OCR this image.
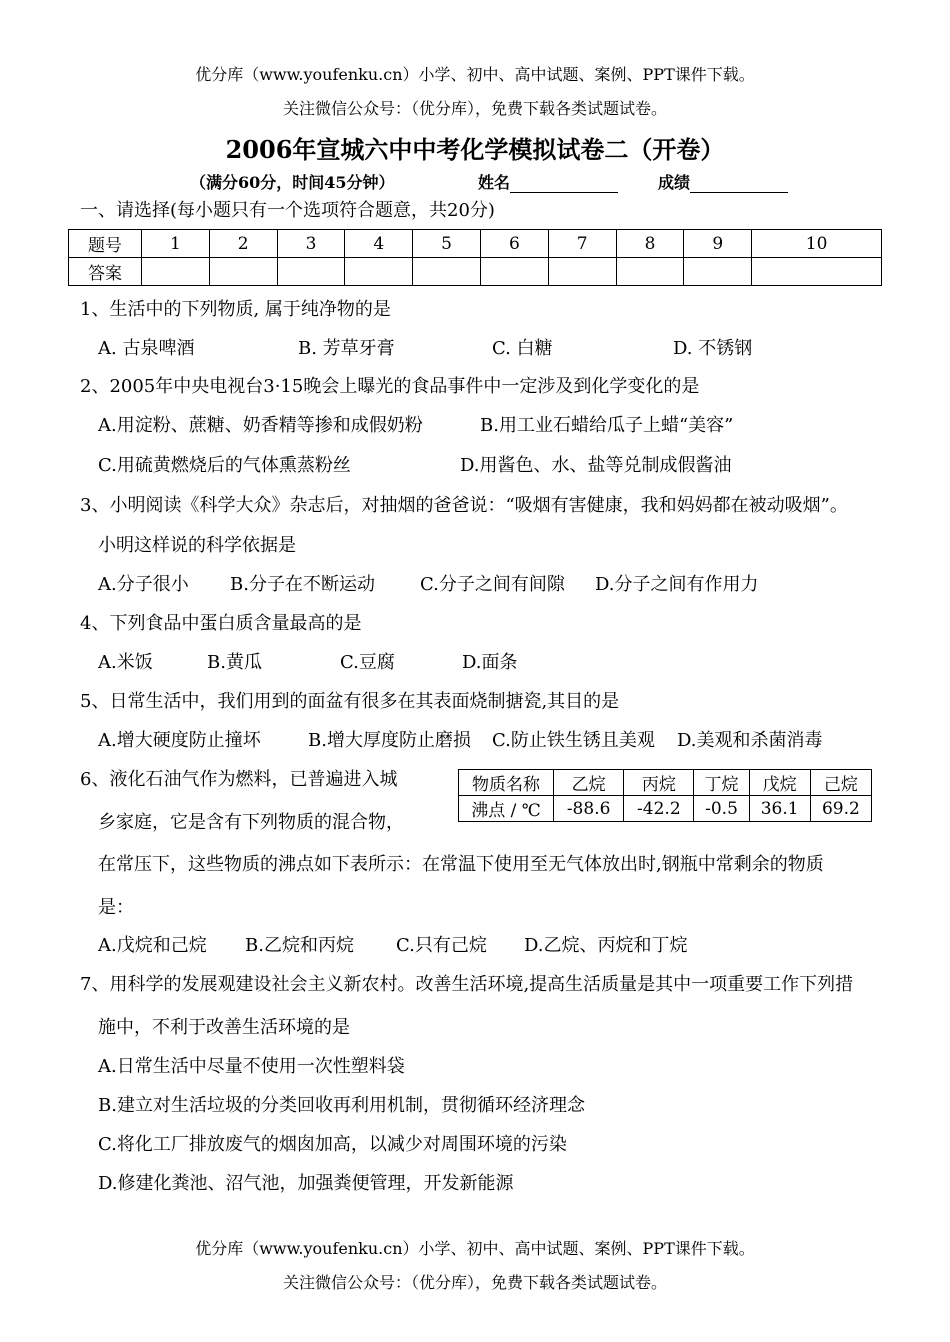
优分库（www.youfenku.cn）小学、初中、高中试题、案例、PPT课件下载。
关注微信公众号：（优分库），免费下载各类试题试卷。
2006年宣城六中中考化学模拟试卷二（开卷）
（满分60分，时间45分钟）	姓名	成绩
一、请选择(每小题只有一个选项符合题意，共20分)
题号	1	2	3	4	5	6	7	8	9	10
答案										
1、生活中的下列物质, 属于纯净物的是
A. 古泉啤酒	B. 芳草牙膏	C. 白糖	D. 不锈钢
2、2005年中央电视台3·15晚会上曝光的食品事件中一定涉及到化学变化的是
A.用淀粉、蔗糖、奶香精等掺和成假奶粉	B.用工业石蜡给瓜子上蜡“美容”
C.用硫黄燃烧后的气体熏蒸粉丝	D.用酱色、水、盐等兑制成假酱油
3、小明阅读《科学大众》杂志后，对抽烟的爸爸说：“吸烟有害健康，我和妈妈都在被动吸烟”。
小明这样说的科学依据是
A.分子很小 B.分子在不断运动	C.分子之间有间隙 D.分子之间有作用力
4、下列食品中蛋白质含量最高的是
A.米饭	B.黄瓜	C.豆腐	D.面条
5、日常生活中，我们用到的面盆有很多在其表面烧制搪瓷,其目的是
A.增大硬度防止撞坏	B.增大厚度防止磨损 C.防止铁生锈且美观 D.美观和杀菌消毒
6、液化石油气作为燃料，已普遍进入城
乡家庭，它是含有下列物质的混合物，
物质名称	乙烷	丙烷	丁烷	戊烷	己烷
沸点 / ℃	-88.6	-42.2	-0.5	36.1	69.2
在常压下，这些物质的沸点如下表所示：在常温下使用至无气体放出时,钢瓶中常剩余的物质
是：
A.戊烷和己烷 B.乙烷和丙烷 C.只有己烷 D.乙烷、丙烷和丁烷
7、用科学的发展观建设社会主义新农村。改善生活环境,提高生活质量是其中一项重要工作下列措
施中，不利于改善生活环境的是
A.日常生活中尽量不使用一次性塑料袋
B.建立对生活垃圾的分类回收再利用机制，贯彻循环经济理念
C.将化工厂排放废气的烟囱加高，以减少对周围环境的污染
D.修建化粪池、沼气池，加强粪便管理，开发新能源
优分库（www.youfenku.cn）小学、初中、高中试题、案例、PPT课件下载。
关注微信公众号：（优分库），免费下载各类试题试卷。
